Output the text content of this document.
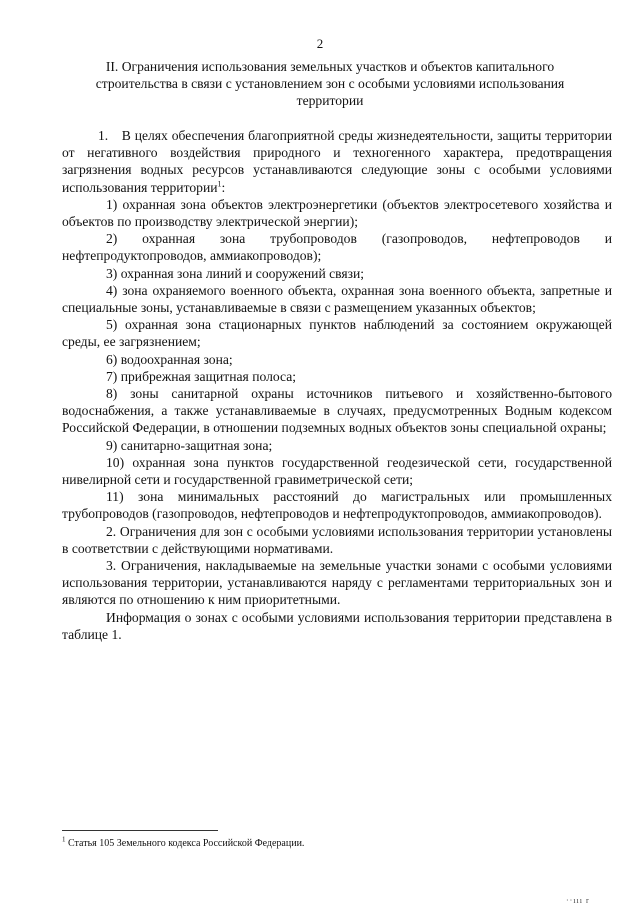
2
II. Ограничения использования земельных участков и объектов капитального строительства в связи с установлением зон с особыми условиями использования территории

1. В целях обеспечения благоприятной среды жизнедеятельности, защиты территории от негативного воздействия природного и техногенного характера, предотвращения загрязнения водных ресурсов устанавливаются следующие зоны с особыми условиями использования территории$^1$:

1) охранная зона объектов электроэнергетики (объектов электросетевого хозяйства и объектов по производству электрической энергии);

2) охранная зона трубопроводов (газопроводов, нефтепроводов и нефтепродуктопроводов, аммиакопроводов);

3) охранная зона линий и сооружений связи;

4) зона охраняемого военного объекта, охранная зона военного объекта, запретные и специальные зоны, устанавливаемые в связи с размещением указанных объектов;

5) охранная зона стационарных пунктов наблюдений за состоянием окружающей среды, ее загрязнением;

6) водоохранная зона;

7) прибрежная защитная полоса;

8) зоны санитарной охраны источников питьевого и хозяйственно-бытового водоснабжения, а также устанавливаемые в случаях, предусмотренных Водным кодексом Российской Федерации, в отношении подземных водных объектов зоны специальной охраны;

9) санитарно-защитная зона;

10) охранная зона пунктов государственной геодезической сети, государственной нивелирной сети и государственной гравиметрической сети;

11) зона минимальных расстояний до магистральных или промышленных трубопроводов (газопроводов, нефтепроводов и нефтепродуктопроводов, аммиакопроводов).

2. Ограничения для зон с особыми условиями использования территории установлены в соответствии с действующими нормативами.

3. Ограничения, накладываемые на земельные участки зонами с особыми условиями использования территории, устанавливаются наряду с регламентами территориальных зон и являются по отношению к ним приоритетными.

Информация о зонах с особыми условиями использования территории представлена в таблице 1.

$^1$ Статья 105 Земельного кодекса Российской Федерации.
··ııı r
